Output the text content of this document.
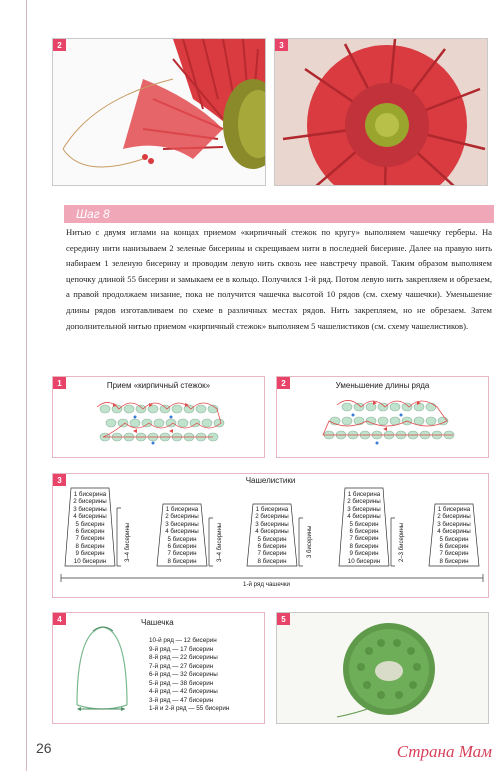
2	3
Шаг 8
Нитью с двумя иглами на концах приемом «кирпичный стежок по кругу» выполняем чашечку герберы. На середину нити нанизываем 2 зеленые бисерины и скрещиваем нити в последней бисерине. Далее на правую нить набираем 1 зеленую бисерину и проводим левую нить сквозь нее навстречу правой. Таким образом выполняем цепочку длиной 55 бисерин и замыкаем ее в кольцо. Получился 1-й ряд. Потом левую нить закрепляем и обрезаем, а правой продолжаем низание, пока не получится чашечка высотой 10 рядов (см. схему чашечки). Уменьшение длины рядов изготавливаем по схеме в различных местах рядов. Нить закрепляем, но не обрезаем. Затем дополнительной нитью приемом «кирпичный стежок» выполняем 5 чашелистиков (см. схему чашелистиков).
1	Прием «кирпичный стежок»	2	Уменьшение длины ряда
3	Чашелистики
1 бисерина
2 бисерины
3 бисерины
4 бисерины
5 бисерин
6 бисерин
7 бисерин
8 бисерин
9 бисерин
10 бисерин
1 бисерина
2 бисерины
3 бисерины
4 бисерины
5 бисерин
6 бисерин
7 бисерин
8 бисерин
1 бисерина
2 бисерины
3 бисерины
4 бисерины
5 бисерин
6 бисерин
7 бисерин
8 бисерин
1 бисерина
2 бисерины
3 бисерины
4 бисерины
5 бисерин
6 бисерин
7 бисерин
8 бисерин
9 бисерин
10 бисерин
1 бисерина
2 бисерины
3 бисерины
4 бисерины
5 бисерин
6 бисерин
7 бисерин
8 бисерин
3–4 бисерины	3–4 бисерины	3 бисерины	2–3 бисерины
1-й ряд чашечки
4	Чашечка
10-й ряд — 12 бисерин
9-й ряд — 17 бисерин
8-й ряд — 22 бисерины
7-й ряд — 27 бисерин
6-й ряд — 32 бисерины
5-й ряд — 38 бисерин
4-й ряд — 42 бисерины
3-й ряд — 47 бисерин
1-й и 2-й ряд — 55 бисерин
5
26	Страна Мам
